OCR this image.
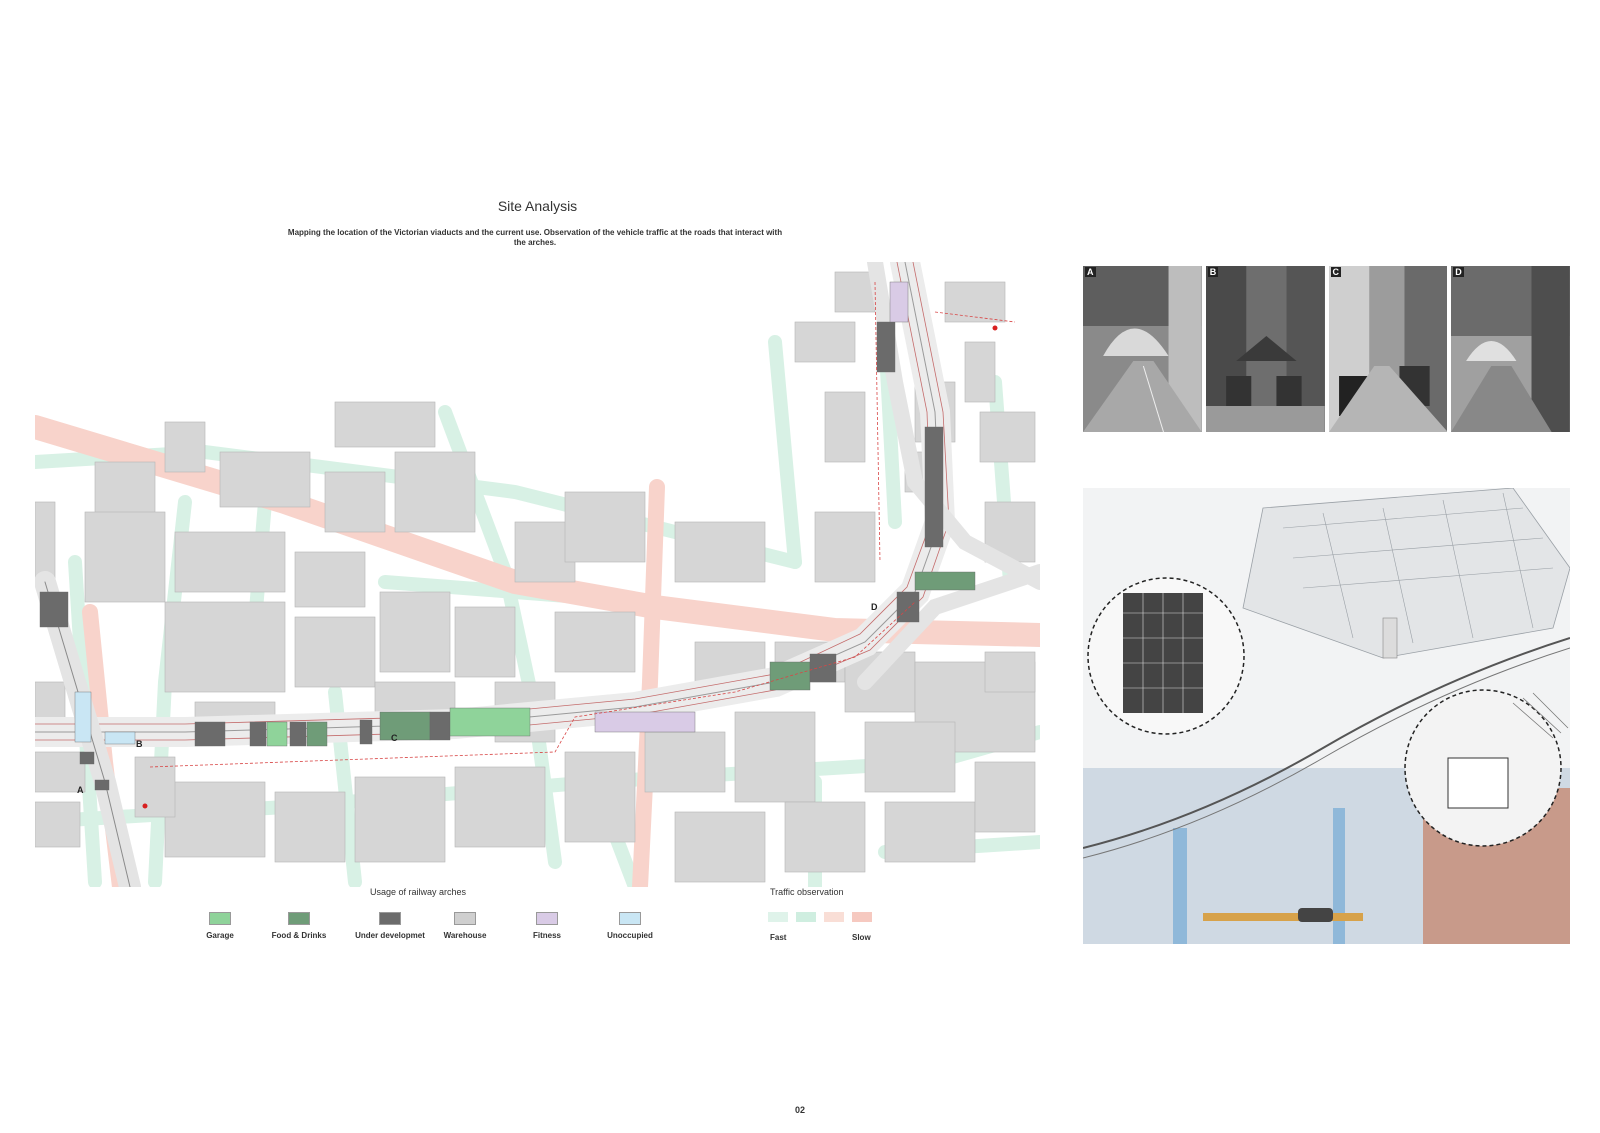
Site Analysis
Mapping the location of the Victorian viaducts and the current use. Observation of the vehicle traffic at the roads that interact with the arches.
A
B
C
D
Usage of railway arches
Garage	Food & Drinks	Under developmet	Warehouse	Fitness	Unoccupied
Traffic observation
Fast	Slow
A	B	C	D
02
